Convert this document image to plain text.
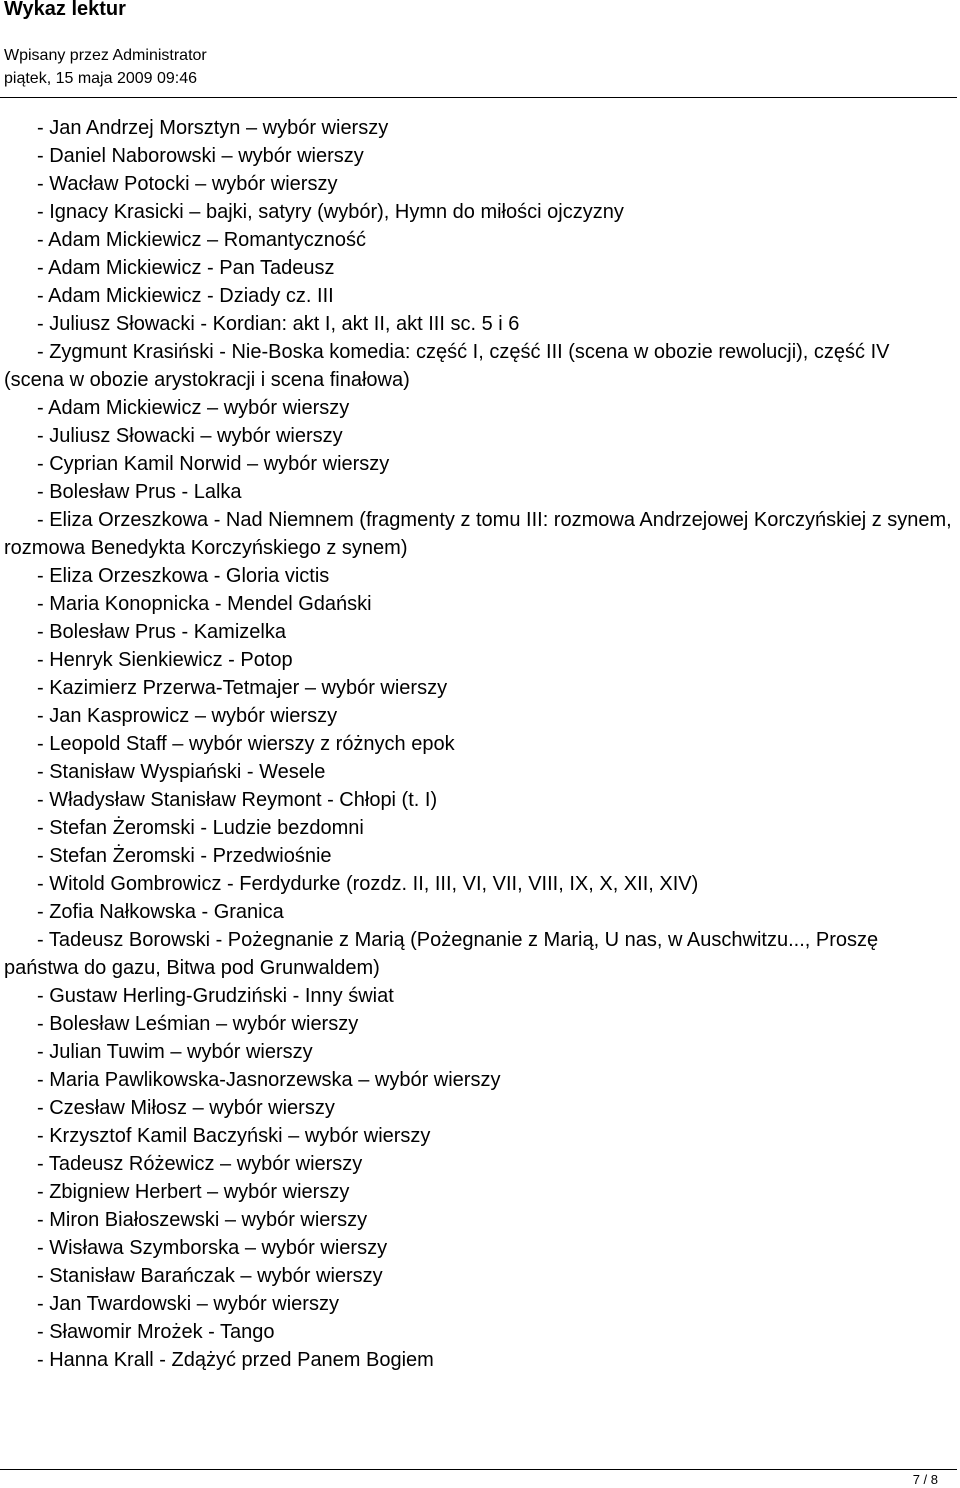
Wykaz lektur
Wpisany przez Administrator
piątek, 15 maja 2009 09:46
- Jan Andrzej Morsztyn – wybór wierszy
- Daniel Naborowski – wybór wierszy
- Wacław Potocki – wybór wierszy
- Ignacy Krasicki – bajki, satyry (wybór), Hymn do miłości ojczyzny
- Adam Mickiewicz – Romantyczność
- Adam Mickiewicz - Pan Tadeusz
- Adam Mickiewicz - Dziady cz. III
- Juliusz Słowacki - Kordian: akt I, akt II, akt III sc. 5 i 6
- Zygmunt Krasiński - Nie-Boska komedia: część I, część III (scena w obozie rewolucji), część IV (scena w obozie arystokracji i scena finałowa)
- Adam Mickiewicz – wybór wierszy
- Juliusz Słowacki – wybór wierszy
- Cyprian Kamil Norwid – wybór wierszy
- Bolesław Prus - Lalka
- Eliza Orzeszkowa - Nad Niemnem (fragmenty z tomu III: rozmowa Andrzejowej Korczyńskiej z synem, rozmowa Benedykta Korczyńskiego z synem)
- Eliza Orzeszkowa - Gloria victis
- Maria Konopnicka - Mendel Gdański
- Bolesław Prus - Kamizelka
- Henryk Sienkiewicz - Potop
- Kazimierz Przerwa-Tetmajer – wybór wierszy
- Jan Kasprowicz – wybór wierszy
- Leopold Staff – wybór wierszy z różnych epok
- Stanisław Wyspiański - Wesele
- Władysław Stanisław Reymont - Chłopi (t. I)
- Stefan Żeromski - Ludzie bezdomni
- Stefan Żeromski - Przedwiośnie
- Witold Gombrowicz - Ferdydurke (rozdz. II, III, VI, VII, VIII, IX, X, XII, XIV)
- Zofia Nałkowska - Granica
- Tadeusz Borowski - Pożegnanie z Marią (Pożegnanie z Marią, U nas, w Auschwitzu..., Proszę państwa do gazu, Bitwa pod Grunwaldem)
- Gustaw Herling-Grudziński - Inny świat
- Bolesław Leśmian – wybór wierszy
- Julian Tuwim – wybór wierszy
- Maria Pawlikowska-Jasnorzewska – wybór wierszy
- Czesław Miłosz – wybór wierszy
- Krzysztof Kamil Baczyński – wybór wierszy
- Tadeusz Różewicz – wybór wierszy
- Zbigniew Herbert – wybór wierszy
- Miron Białoszewski – wybór wierszy
- Wisława Szymborska – wybór wierszy
- Stanisław Barańczak – wybór wierszy
- Jan Twardowski – wybór wierszy
- Sławomir Mrożek - Tango
- Hanna Krall - Zdążyć przed Panem Bogiem
7 / 8
